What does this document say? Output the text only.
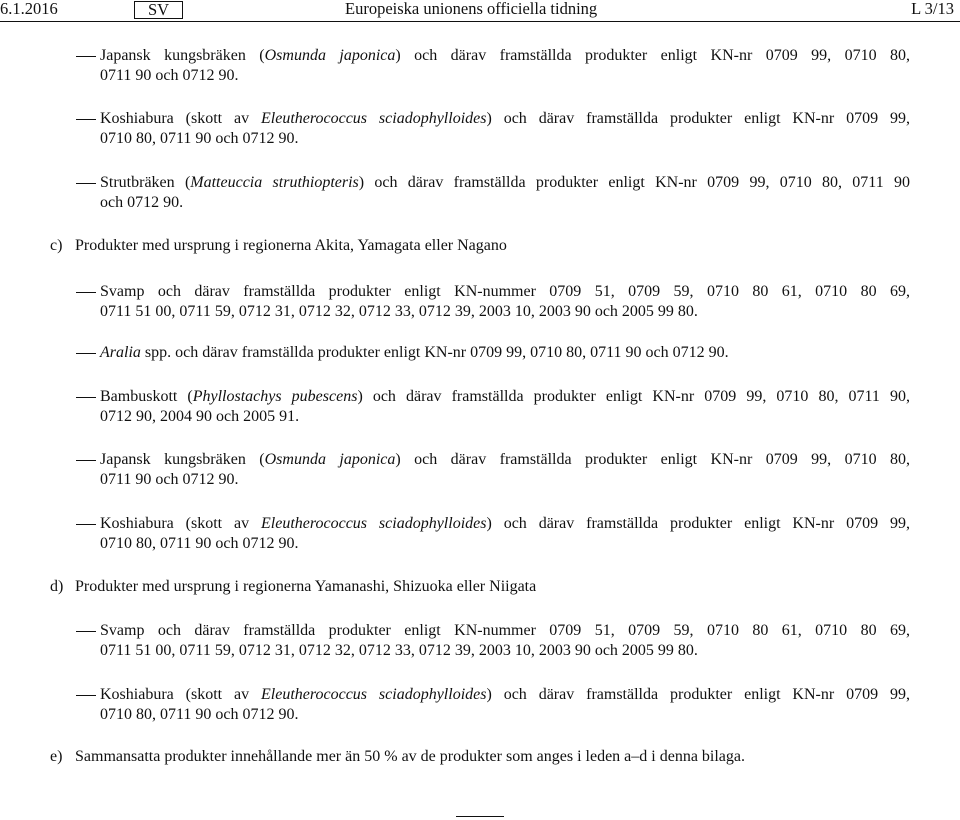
6.1.2016	SV	Europeiska unionens officiella tidning	L 3/13
Japansk kungsbräken (Osmunda japonica) och därav framställda produkter enligt KN-nr 0709 99, 0710 80,
0711 90 och 0712 90.
Koshiabura (skott av Eleutherococcus sciadophylloides) och därav framställda produkter enligt KN-nr 0709 99,
0710 80, 0711 90 och 0712 90.
Strutbräken (Matteuccia struthiopteris) och därav framställda produkter enligt KN-nr 0709 99, 0710 80, 0711 90
och 0712 90.
c) Produkter med ursprung i regionerna Akita, Yamagata eller Nagano
Svamp och därav framställda produkter enligt KN-nummer 0709 51, 0709 59, 0710 80 61, 0710 80 69,
0711 51 00, 0711 59, 0712 31, 0712 32, 0712 33, 0712 39, 2003 10, 2003 90 och 2005 99 80.
Aralia spp. och därav framställda produkter enligt KN-nr 0709 99, 0710 80, 0711 90 och 0712 90.
Bambuskott (Phyllostachys pubescens) och därav framställda produkter enligt KN-nr 0709 99, 0710 80, 0711 90,
0712 90, 2004 90 och 2005 91.
Japansk kungsbräken (Osmunda japonica) och därav framställda produkter enligt KN-nr 0709 99, 0710 80,
0711 90 och 0712 90.
Koshiabura (skott av Eleutherococcus sciadophylloides) och därav framställda produkter enligt KN-nr 0709 99,
0710 80, 0711 90 och 0712 90.
d) Produkter med ursprung i regionerna Yamanashi, Shizuoka eller Niigata
Svamp och därav framställda produkter enligt KN-nummer 0709 51, 0709 59, 0710 80 61, 0710 80 69,
0711 51 00, 0711 59, 0712 31, 0712 32, 0712 33, 0712 39, 2003 10, 2003 90 och 2005 99 80.
Koshiabura (skott av Eleutherococcus sciadophylloides) och därav framställda produkter enligt KN-nr 0709 99,
0710 80, 0711 90 och 0712 90.
e) Sammansatta produkter innehållande mer än 50 % av de produkter som anges i leden a–d i denna bilaga.
